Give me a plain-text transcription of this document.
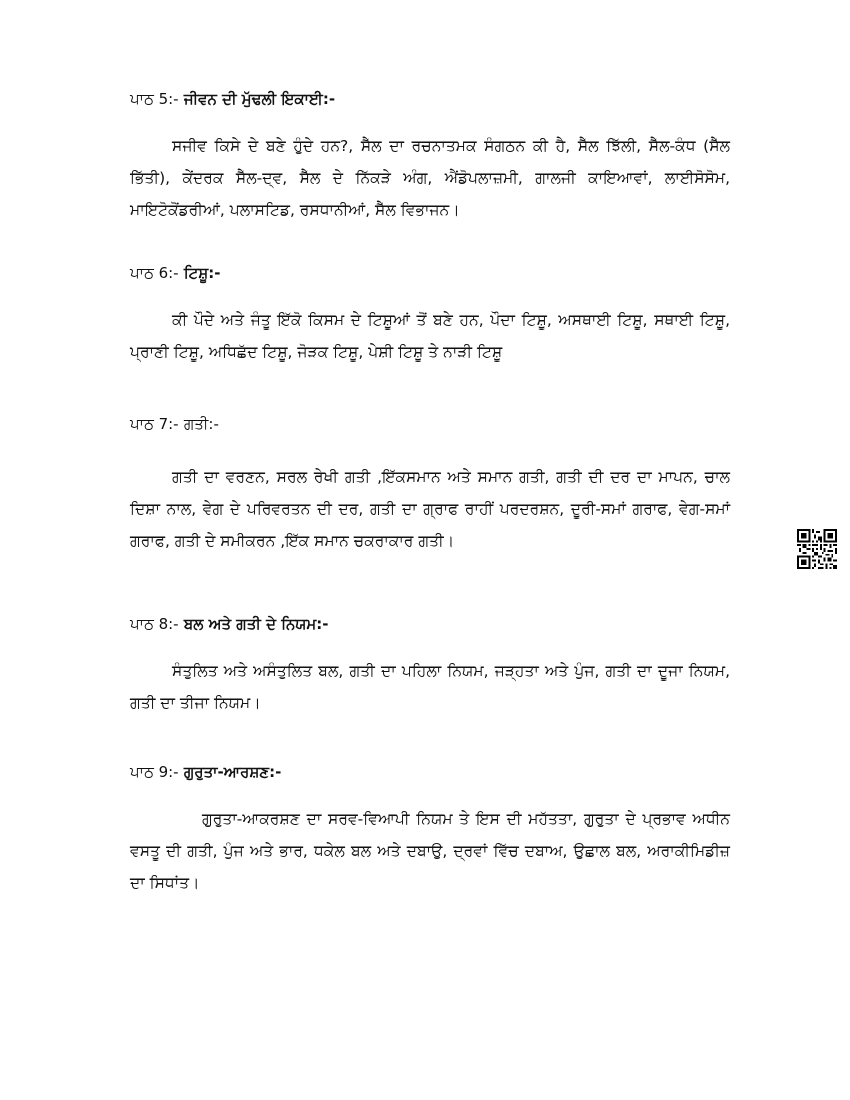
ਪਾਠ 5:- ਜੀਵਨ ਦੀ ਮੁੱਢਲੀ ਇਕਾਈ:-

ਸਜੀਵ ਕਿਸੇ ਦੇ ਬਣੇ ਹੁੰਦੇ ਹਨ?, ਸੈੱਲ ਦਾ ਰਚਨਾਤਮਕ ਸੰਗਠਨ ਕੀ ਹੈ, ਸੈੱਲ ਝਿੱਲੀ, ਸੈੱਲ-ਕੰਧ (ਸੈੱਲ ਭਿੱਤੀ), ਕੇਂਦਰਕ ਸੈੱਲ-ਦ੍ਵ, ਸੈੱਲ ਦੇ ਨਿੱਕੜੇ ਅੰਗ, ਐਂਡੋਪਲਾਜ਼ਮੀ, ਗਾਲਜੀ ਕਾਇਆਵਾਂ, ਲਾਈਸੋਸੋਮ, ਮਾਇਟੋਕੋਂਡਰੀਆਂ, ਪਲਾਸਟਿਡ, ਰਸਧਾਨੀਆਂ, ਸੈੱਲ ਵਿਭਾਜਨ।

ਪਾਠ 6:- ਟਿਸ਼ੂ:-

ਕੀ ਪੌਦੇ ਅਤੇ ਜੰਤੂ ਇੱਕੋ ਕਿਸਮ ਦੇ ਟਿਸ਼ੂਆਂ ਤੋਂ ਬਣੇ ਹਨ, ਪੌਦਾ ਟਿਸ਼ੂ, ਅਸਥਾਈ ਟਿਸ਼ੂ, ਸਥਾਈ ਟਿਸ਼ੂ, ਪ੍ਰਾਣੀ ਟਿਸ਼ੂ, ਅਧਿਛੱਦ ਟਿਸ਼ੂ, ਜੋੜਕ ਟਿਸ਼ੂ, ਪੇਸ਼ੀ ਟਿਸ਼ੂ ਤੇ ਨਾੜੀ ਟਿਸ਼ੂ

ਪਾਠ 7:- ਗਤੀ:-

ਗਤੀ ਦਾ ਵਰਣਨ, ਸਰਲ ਰੇਖੀ ਗਤੀ ,ਇੱਕਸਮਾਨ ਅਤੇ ਸਮਾਨ ਗਤੀ, ਗਤੀ ਦੀ ਦਰ ਦਾ ਮਾਪਨ, ਚਾਲ ਦਿਸ਼ਾ ਨਾਲ, ਵੇਗ ਦੇ ਪਰਿਵਰਤਨ ਦੀ ਦਰ, ਗਤੀ ਦਾ ਗ੍ਰਾਫ ਰਾਹੀਂ ਪਰਦਰਸ਼ਨ, ਦੂਰੀ-ਸਮਾਂ ਗਰਾਫ, ਵੇਗ-ਸਮਾਂ ਗਰਾਫ, ਗਤੀ ਦੇ ਸਮੀਕਰਨ ,ਇੱਕ ਸਮਾਨ ਚਕਰਾਕਾਰ ਗਤੀ।

ਪਾਠ 8:- ਬਲ ਅਤੇ ਗਤੀ ਦੇ ਨਿਯਮ:-

ਸੰਤੁਲਿਤ ਅਤੇ ਅਸੰਤੁਲਿਤ ਬਲ, ਗਤੀ ਦਾ ਪਹਿਲਾ ਨਿਯਮ, ਜੜ੍ਹਤਾ ਅਤੇ ਪੁੰਜ, ਗਤੀ ਦਾ ਦੂਜਾ ਨਿਯਮ, ਗਤੀ ਦਾ ਤੀਜਾ ਨਿਯਮ।

ਪਾਠ 9:- ਗੁਰੁਤਾ-ਆਰਸ਼ਣ:-

ਗੁਰੁਤਾ-ਆਕਰਸ਼ਣ ਦਾ ਸਰਵ-ਵਿਆਪੀ ਨਿਯਮ ਤੇ ਇਸ ਦੀ ਮਹੱਤਤਾ, ਗੁਰੁਤਾ ਦੇ ਪ੍ਰਭਾਵ ਅਧੀਨ ਵਸਤੂ ਦੀ ਗਤੀ, ਪੁੰਜ ਅਤੇ ਭਾਰ, ਧਕੇਲ ਬਲ ਅਤੇ ਦਬਾਉ, ਦ੍ਰਵਾਂ ਵਿੱਚ ਦਬਾਅ, ਉਛਾਲ ਬਲ, ਅਰਾਕੀਮਿਡੀਜ਼ ਦਾ ਸਿਧਾਂਤ।
